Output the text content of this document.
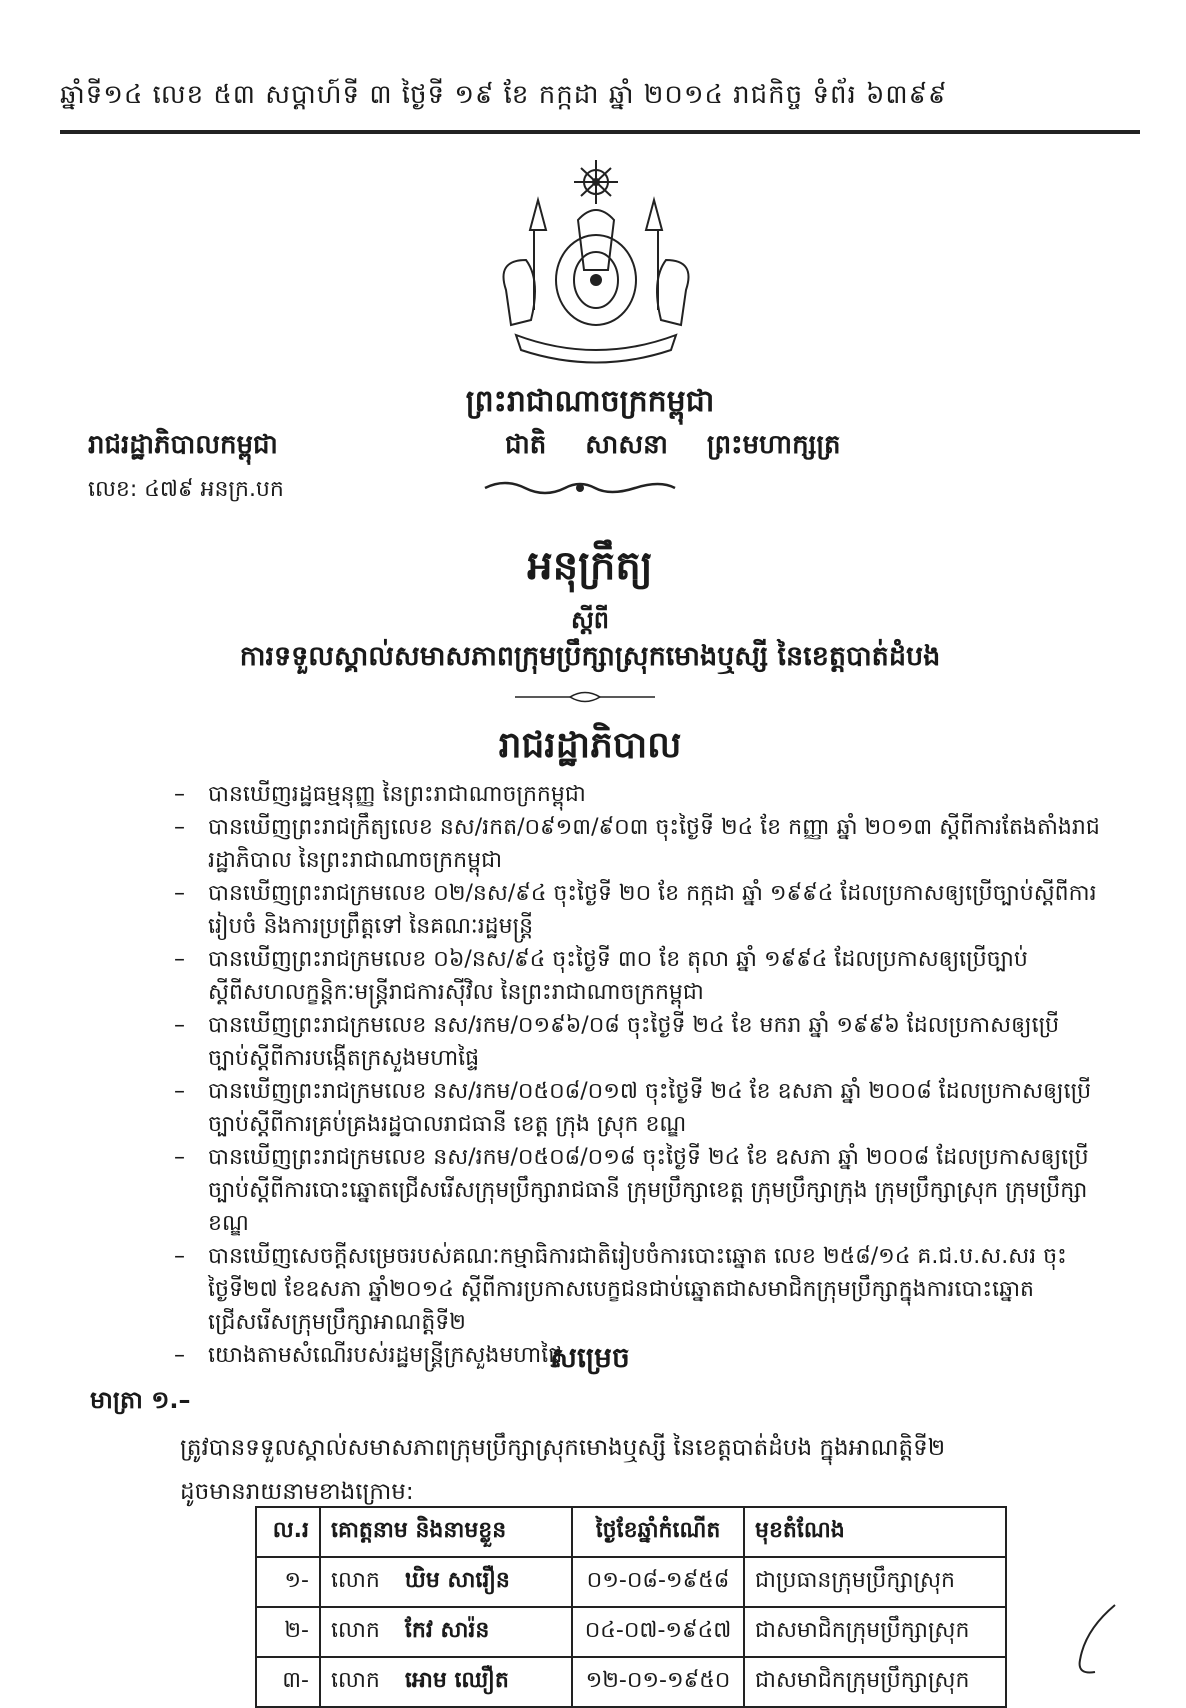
ឆ្នាំទី១៤ លេខ ៥៣ សប្តាហ៍ទី ៣ ថ្ងៃទី ១៩ ខែ កក្កដា ឆ្នាំ ២០១៤ រាជកិច្ច ទំព័រ ៦៣៩៩
ព្រះរាជាណាចក្រកម្ពុជា
រាជរដ្ឋាភិបាលកម្ពុជា	ជាតិ សាសនា ព្រះមហាក្សត្រ
លេខ: ៤៧៩ អនក្រ.បក
អនុក្រឹត្យ
ស្តីពី
ការទទួលស្គាល់សមាសភាពក្រុមប្រឹក្សាស្រុកមោងឬស្សី នៃខេត្តបាត់ដំបង
រាជរដ្ឋាភិបាល
– បានឃើញរដ្ឋធម្មនុញ្ញ នៃព្រះរាជាណាចក្រកម្ពុជា
– បានឃើញព្រះរាជក្រឹត្យលេខ នស/រកត/០៩១៣/៩០៣ ចុះថ្ងៃទី ២៤ ខែ កញ្ញា ឆ្នាំ ២០១៣ ស្តីពីការតែងតាំងរាជរដ្ឋាភិបាល នៃព្រះរាជាណាចក្រកម្ពុជា
– បានឃើញព្រះរាជក្រមលេខ ០២/នស/៩៤ ចុះថ្ងៃទី ២០ ខែ កក្កដា ឆ្នាំ ១៩៩៤ ដែលប្រកាសឲ្យប្រើច្បាប់ស្តីពីការរៀបចំ និងការប្រព្រឹត្តទៅ នៃគណៈរដ្ឋមន្ត្រី
– បានឃើញព្រះរាជក្រមលេខ ០៦/នស/៩៤ ចុះថ្ងៃទី ៣០ ខែ តុលា ឆ្នាំ ១៩៩៤ ដែលប្រកាសឲ្យប្រើច្បាប់ស្តីពីសហលក្ខន្តិកៈមន្ត្រីរាជការស៊ីវិល នៃព្រះរាជាណាចក្រកម្ពុជា
– បានឃើញព្រះរាជក្រមលេខ នស/រកម/០១៩៦/០៨ ចុះថ្ងៃទី ២៤ ខែ មករា ឆ្នាំ ១៩៩៦ ដែលប្រកាសឲ្យប្រើច្បាប់ស្តីពីការបង្កើតក្រសួងមហាផ្ទៃ
– បានឃើញព្រះរាជក្រមលេខ នស/រកម/០៥០៨/០១៧ ចុះថ្ងៃទី ២៤ ខែ ឧសភា ឆ្នាំ ២០០៨ ដែលប្រកាសឲ្យប្រើច្បាប់ស្តីពីការគ្រប់គ្រងរដ្ឋបាលរាជធានី ខេត្ត ក្រុង ស្រុក ខណ្ឌ
– បានឃើញព្រះរាជក្រមលេខ នស/រកម/០៥០៨/០១៨ ចុះថ្ងៃទី ២៤ ខែ ឧសភា ឆ្នាំ ២០០៨ ដែលប្រកាសឲ្យប្រើច្បាប់ស្តីពីការបោះឆ្នោតជ្រើសរើសក្រុមប្រឹក្សារាជធានី ក្រុមប្រឹក្សាខេត្ត ក្រុមប្រឹក្សាក្រុង ក្រុមប្រឹក្សាស្រុក ក្រុមប្រឹក្សាខណ្ឌ
– បានឃើញសេចក្តីសម្រេចរបស់គណៈកម្មាធិការជាតិរៀបចំការបោះឆ្នោត លេខ ២៥៨/១៤ គ.ជ.ប.ស.សរ ចុះថ្ងៃទី២៧ ខែឧសភា ឆ្នាំ២០១៤ ស្តីពីការប្រកាសបេក្ខជនជាប់ឆ្នោតជាសមាជិកក្រុមប្រឹក្សាក្នុងការបោះឆ្នោតជ្រើសរើសក្រុមប្រឹក្សាអាណត្តិទី២
– យោងតាមសំណើរបស់រដ្ឋមន្ត្រីក្រសួងមហាផ្ទៃ
សម្រេច
មាត្រា ១.–
ត្រូវបានទទួលស្គាល់សមាសភាពក្រុមប្រឹក្សាស្រុកមោងឬស្សី នៃខេត្តបាត់ដំបង ក្នុងអាណត្តិទី២
ដូចមានរាយនាមខាងក្រោម:
ល.រ	គោត្តនាម និងនាមខ្លួន	ថ្ងៃខែឆ្នាំកំណើត	មុខតំណែង
១-	លោក ឃិម សារឿន	០១-០៨-១៩៥៨	ជាប្រធានក្រុមប្រឹក្សាស្រុក
២-	លោក កែវ សារ៉ន	០៤-០៧-១៩៤៧	ជាសមាជិកក្រុមប្រឹក្សាស្រុក
៣-	លោក អោម ឈឿត	១២-០១-១៩៥០	ជាសមាជិកក្រុមប្រឹក្សាស្រុក
